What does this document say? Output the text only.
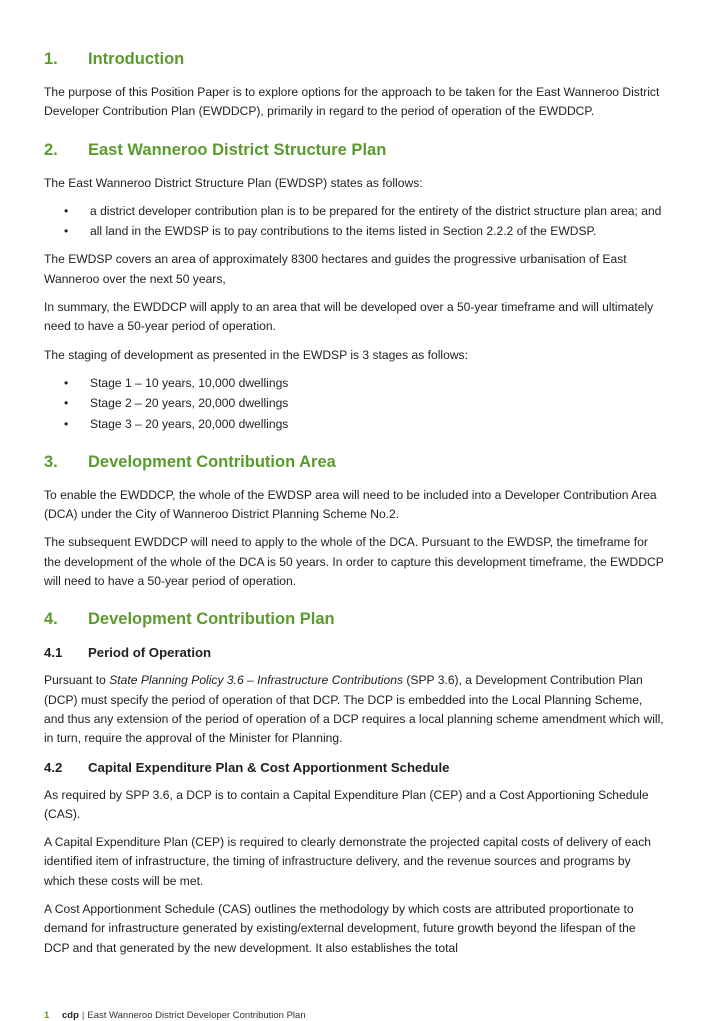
1.	Introduction

The purpose of this Position Paper is to explore options for the approach to be taken for the East Wanneroo District Developer Contribution Plan (EWDDCP), primarily in regard to the period of operation of the EWDDCP.

2.	East Wanneroo District Structure Plan

The East Wanneroo District Structure Plan (EWDSP) states as follows:

•	a district developer contribution plan is to be prepared for the entirety of the district structure plan area; and
•	all land in the EWDSP is to pay contributions to the items listed in Section 2.2.2 of the EWDSP.

The EWDSP covers an area of approximately 8300 hectares and guides the progressive urbanisation of East Wanneroo over the next 50 years,

In summary, the EWDDCP will apply to an area that will be developed over a 50-year timeframe and will ultimately need to have a 50-year period of operation.

The staging of development as presented in the EWDSP is 3 stages as follows:

•	Stage 1 – 10 years, 10,000 dwellings
•	Stage 2 – 20 years, 20,000 dwellings
•	Stage 3 – 20 years, 20,000 dwellings
3.	Development Contribution Area

To enable the EWDDCP, the whole of the EWDSP area will need to be included into a Developer Contribution Area (DCA) under the City of Wanneroo District Planning Scheme No.2.

The subsequent EWDDCP will need to apply to the whole of the DCA. Pursuant to the EWDSP, the timeframe for the development of the whole of the DCA is 50 years. In order to capture this development timeframe, the EWDDCP will need to have a 50-year period of operation.

4.	Development Contribution Plan
4.1	Period of Operation

Pursuant to State Planning Policy 3.6 – Infrastructure Contributions (SPP 3.6), a Development Contribution Plan (DCP) must specify the period of operation of that DCP. The DCP is embedded into the Local Planning Scheme, and thus any extension of the period of operation of a DCP requires a local planning scheme amendment which will, in turn, require the approval of the Minister for Planning.

4.2	Capital Expenditure Plan & Cost Apportionment Schedule

As required by SPP 3.6, a DCP is to contain a Capital Expenditure Plan (CEP) and a Cost Apportioning Schedule (CAS).

A Capital Expenditure Plan (CEP) is required to clearly demonstrate the projected capital costs of delivery of each identified item of infrastructure, the timing of infrastructure delivery, and the revenue sources and programs by which these costs will be met.

A Cost Apportionment Schedule (CAS) outlines the methodology by which costs are attributed proportionate to demand for infrastructure generated by existing/external development, future growth beyond the lifespan of the DCP and that generated by the new development. It also establishes the total

1	cdp | East Wanneroo District Developer Contribution Plan
